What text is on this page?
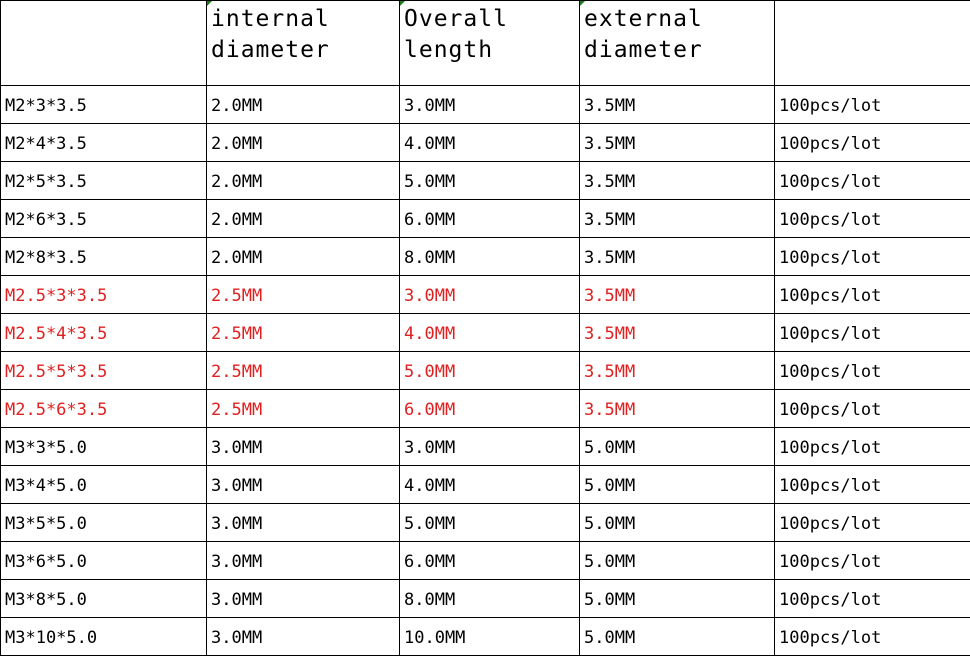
	internal diameter	Overall length	external diameter	

M2*3*3.5	2.0MM	3.0MM	3.5MM	100pcs/lot
M2*4*3.5	2.0MM	4.0MM	3.5MM	100pcs/lot
M2*5*3.5	2.0MM	5.0MM	3.5MM	100pcs/lot
M2*6*3.5	2.0MM	6.0MM	3.5MM	100pcs/lot
M2*8*3.5	2.0MM	8.0MM	3.5MM	100pcs/lot
M2.5*3*3.5	2.5MM	3.0MM	3.5MM	100pcs/lot
M2.5*4*3.5	2.5MM	4.0MM	3.5MM	100pcs/lot
M2.5*5*3.5	2.5MM	5.0MM	3.5MM	100pcs/lot
M2.5*6*3.5	2.5MM	6.0MM	3.5MM	100pcs/lot
M3*3*5.0	3.0MM	3.0MM	5.0MM	100pcs/lot
M3*4*5.0	3.0MM	4.0MM	5.0MM	100pcs/lot
M3*5*5.0	3.0MM	5.0MM	5.0MM	100pcs/lot
M3*6*5.0	3.0MM	6.0MM	5.0MM	100pcs/lot
M3*8*5.0	3.0MM	8.0MM	5.0MM	100pcs/lot
M3*10*5.0	3.0MM	10.0MM	5.0MM	100pcs/lot
